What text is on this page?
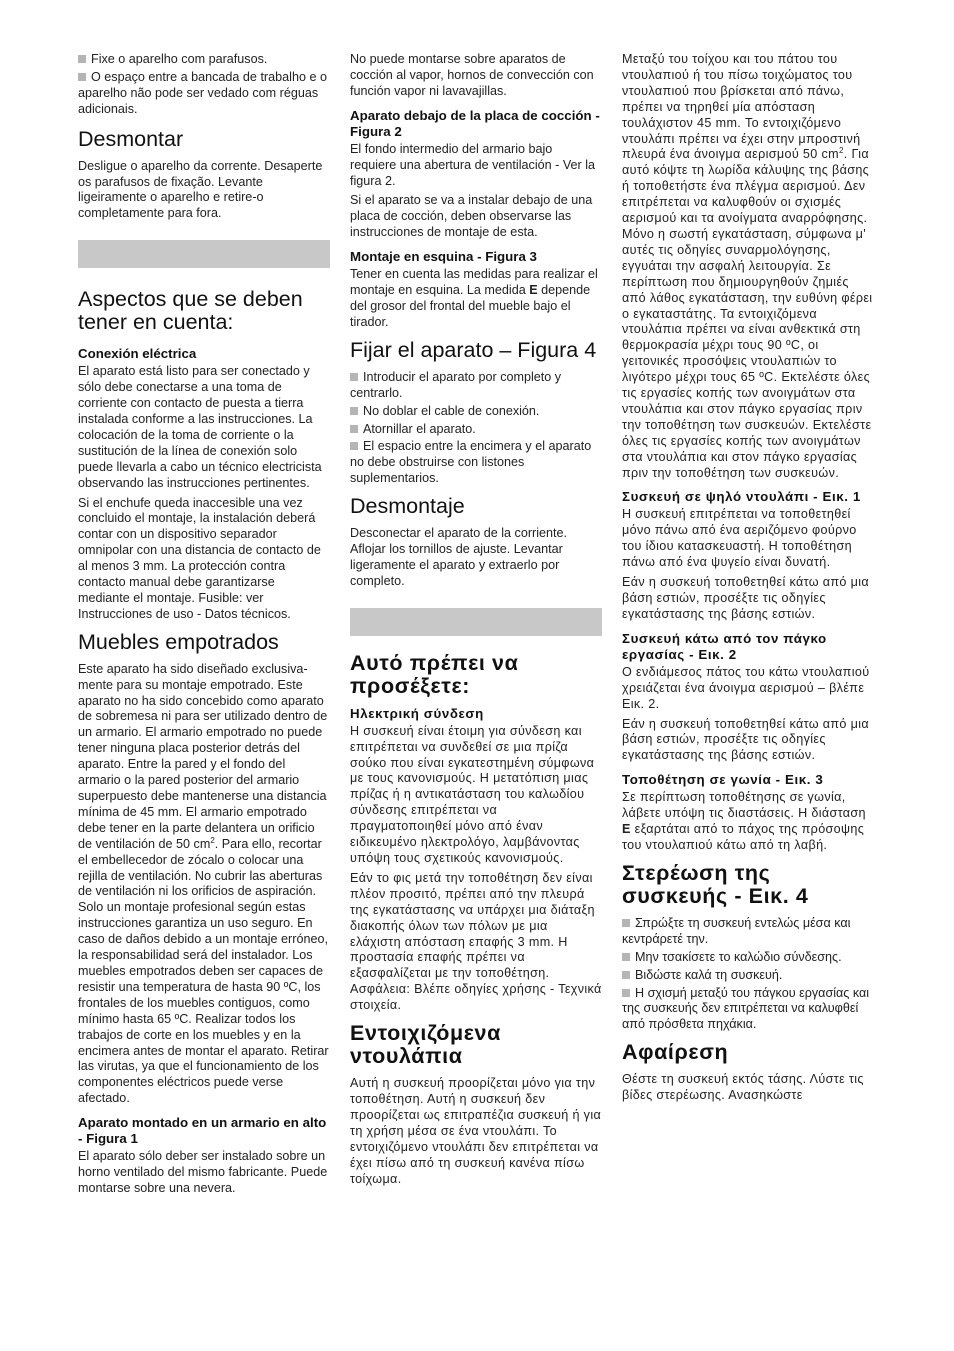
Fixe o aparelho com parafusos.
O espaço entre a bancada de trabalho e o aparelho não pode ser vedado com réguas adicionais.
Desmontar

Desligue o aparelho da corrente. Desaperte os parafusos de fixação. Levante ligeiramente o aparelho e retire-o completamente para fora.

Aspectos que se deben tener en cuenta:
Conexión eléctrica

El aparato está listo para ser conectado y sólo debe conectarse a una toma de corriente con contacto de puesta a tierra instalada conforme a las instrucciones. La colocación de la toma de corriente o la sustitución de la línea de conexión solo puede llevarla a cabo un técnico electricista observando las instrucciones pertinentes.

Si el enchufe queda inaccesible una vez concluido el montaje, la instalación deberá contar con un dispositivo separador omnipolar con una distancia de contacto de al menos 3 mm. La protección contra contacto manual debe garantizarse mediante el montaje. Fusible: ver Instrucciones de uso - Datos técnicos.

Muebles empotrados

Este aparato ha sido diseñado exclusivamente para su montaje empotrado. Este aparato no ha sido concebido como aparato de sobremesa ni para ser utilizado dentro de un armario. El armario empotrado no puede tener ninguna placa posterior detrás del aparato. Entre la pared y el fondo del armario o la pared posterior del armario superpuesto debe mantenerse una distancia mínima de 45 mm. El armario empotrado debe tener en la parte delantera un orificio de ventilación de 50 $cm^2$. Para ello, recortar el embellecedor de zócalo o colocar una rejilla de ventilación. No cubrir las aberturas de ventilación ni los orificios de aspiración. Solo un montaje profesional según estas instrucciones garantiza un uso seguro. En caso de daños debido a un montaje erróneo, la responsabilidad será del instalador. Los muebles empotrados deben ser capaces de resistir una temperatura de hasta 90 ºC, los frontales de los muebles contiguos, como mínimo hasta 65 ºC. Realizar todos los trabajos de corte en los muebles y en la encimera antes de montar el aparato. Retirar las virutas, ya que el funcionamiento de los componentes eléctricos puede verse afectado.

Aparato montado en un armario en alto - Figura 1

El aparato sólo deber ser instalado sobre un horno ventilado del mismo fabricante. Puede montarse sobre una nevera.

No puede montarse sobre aparatos de cocción al vapor, hornos de convección con función vapor ni lavavajillas.

Aparato debajo de la placa de cocción - Figura 2

El fondo intermedio del armario bajo requiere una abertura de ventilación - Ver la figura 2.

Si el aparato se va a instalar debajo de una placa de cocción, deben observarse las instrucciones de montaje de esta.

Montaje en esquina - Figura 3

Tener en cuenta las medidas para realizar el montaje en esquina. La medida E depende del grosor del frontal del mueble bajo el tirador.

Fijar el aparato – Figura 4
Introducir el aparato por completo y centrarlo.
No doblar el cable de conexión.
Atornillar el aparato.
El espacio entre la encimera y el aparato no debe obstruirse con listones suplementarios.
Desmontaje

Desconectar el aparato de la corriente. Aflojar los tornillos de ajuste. Levantar ligeramente el aparato y extraerlo por completo.

Αυτό πρέπει να προσέξετε:
Ηλεκτρική σύνδεση

Η συσκευή είναι έτοιμη για σύνδεση και επιτρέπεται να συνδεθεί σε μια πρίζα σούκο που είναι εγκατεστημένη σύμφωνα με τους κανονισμούς. Η μετατόπιση μιας πρίζας ή η αντικατάσταση του καλωδίου σύνδεσης επιτρέπεται να πραγματοποιηθεί μόνο από έναν ειδικευμένο ηλεκτρολόγο, λαμβάνοντας υπόψη τους σχετικούς κανονισμούς.

Εάν το φις μετά την τοποθέτηση δεν είναι πλέον προσιτό, πρέπει από την πλευρά της εγκατάστασης να υπάρχει μια διάταξη διακοπής όλων των πόλων με μια ελάχιστη απόσταση επαφής 3 mm. Η προστασία επαφής πρέπει να εξασφαλίζεται με την τοποθέτηση. Ασφάλεια: Βλέπε οδηγίες χρήσης - Τεχνικά στοιχεία.

Εντοιχιζόμενα ντουλάπια

Αυτή η συσκευή προορίζεται μόνο για την τοποθέτηση. Αυτή η συσκευή δεν προορίζεται ως επιτραπέζια συσκευή ή για τη χρήση μέσα σε ένα ντουλάπι. Το εντοιχιζόμενο ντουλάπι δεν επιτρέπεται να έχει πίσω από τη συσκευή κανένα πίσω τοίχωμα.

Μεταξύ του τοίχου και του πάτου του ντουλαπιού ή του πίσω τοιχώματος του ντουλαπιού που βρίσκεται από πάνω, πρέπει να τηρηθεί μία απόσταση τουλάχιστον 45 mm. Το εντοιχιζόμενο ντουλάπι πρέπει να έχει στην μπροστινή πλευρά ένα άνοιγμα αερισμού 50 $cm^2$. Για αυτό κόψτε τη λωρίδα κάλυψης της βάσης ή τοποθετήστε ένα πλέγμα αερισμού. Δεν επιτρέπεται να καλυφθούν οι σχισμές αερισμού και τα ανοίγματα αναρρόφησης. Μόνο η σωστή εγκατάσταση, σύμφωνα μ' αυτές τις οδηγίες συναρμολόγησης, εγγυάται την ασφαλή λειτουργία. Σε περίπτωση που δημιουργηθούν ζημιές από λάθος εγκατάσταση, την ευθύνη φέρει ο εγκαταστάτης. Τα εντοιχιζόμενα ντουλάπια πρέπει να είναι ανθεκτικά στη θερμοκρασία μέχρι τους 90 ºC, οι γειτονικές προσόψεις ντουλαπιών το λιγότερο μέχρι τους 65 ºC. Εκτελέστε όλες τις εργασίες κοπής των ανοιγμάτων στα ντουλάπια και στον πάγκο εργασίας πριν την τοποθέτηση των συσκευών. Εκτελέστε όλες τις εργασίες κοπής των ανοιγμάτων στα ντουλάπια και στον πάγκο εργασίας πριν την τοποθέτηση των συσκευών.

Συσκευή σε ψηλό ντουλάπι - Εικ. 1

Η συσκευή επιτρέπεται να τοποθετηθεί μόνο πάνω από ένα αεριζόμενο φούρνο του ίδιου κατασκευαστή. Η τοποθέτηση πάνω από ένα ψυγείο είναι δυνατή.

Εάν η συσκευή τοποθετηθεί κάτω από μια βάση εστιών, προσέξτε τις οδηγίες εγκατάστασης της βάσης εστιών.

Συσκευή κάτω από τον πάγκο εργασίας - Εικ. 2

Ο ενδιάμεσος πάτος του κάτω ντουλαπιού χρειάζεται ένα άνοιγμα αερισμού – βλέπε Εικ. 2.

Εάν η συσκευή τοποθετηθεί κάτω από μια βάση εστιών, προσέξτε τις οδηγίες εγκατάστασης της βάσης εστιών.

Τοποθέτηση σε γωνία - Εικ. 3

Σε περίπτωση τοποθέτησης σε γωνία, λάβετε υπόψη τις διαστάσεις. Η διάσταση E εξαρτάται από το πάχος της πρόσοψης του ντουλαπιού κάτω από τη λαβή.

Στερέωση της συσκευής - Εικ. 4
Σπρώξτε τη συσκευή εντελώς μέσα και κεντράρετέ την.
Μην τσακίσετε το καλώδιο σύνδεσης.
Βιδώστε καλά τη συσκευή.
Η σχισμή μεταξύ του πάγκου εργασίας και της συσκευής δεν επιτρέπεται να καλυφθεί από πρόσθετα πηχάκια.
Αφαίρεση

Θέστε τη συσκευή εκτός τάσης. Λύστε τις βίδες στερέωσης. Ανασηκώστε
